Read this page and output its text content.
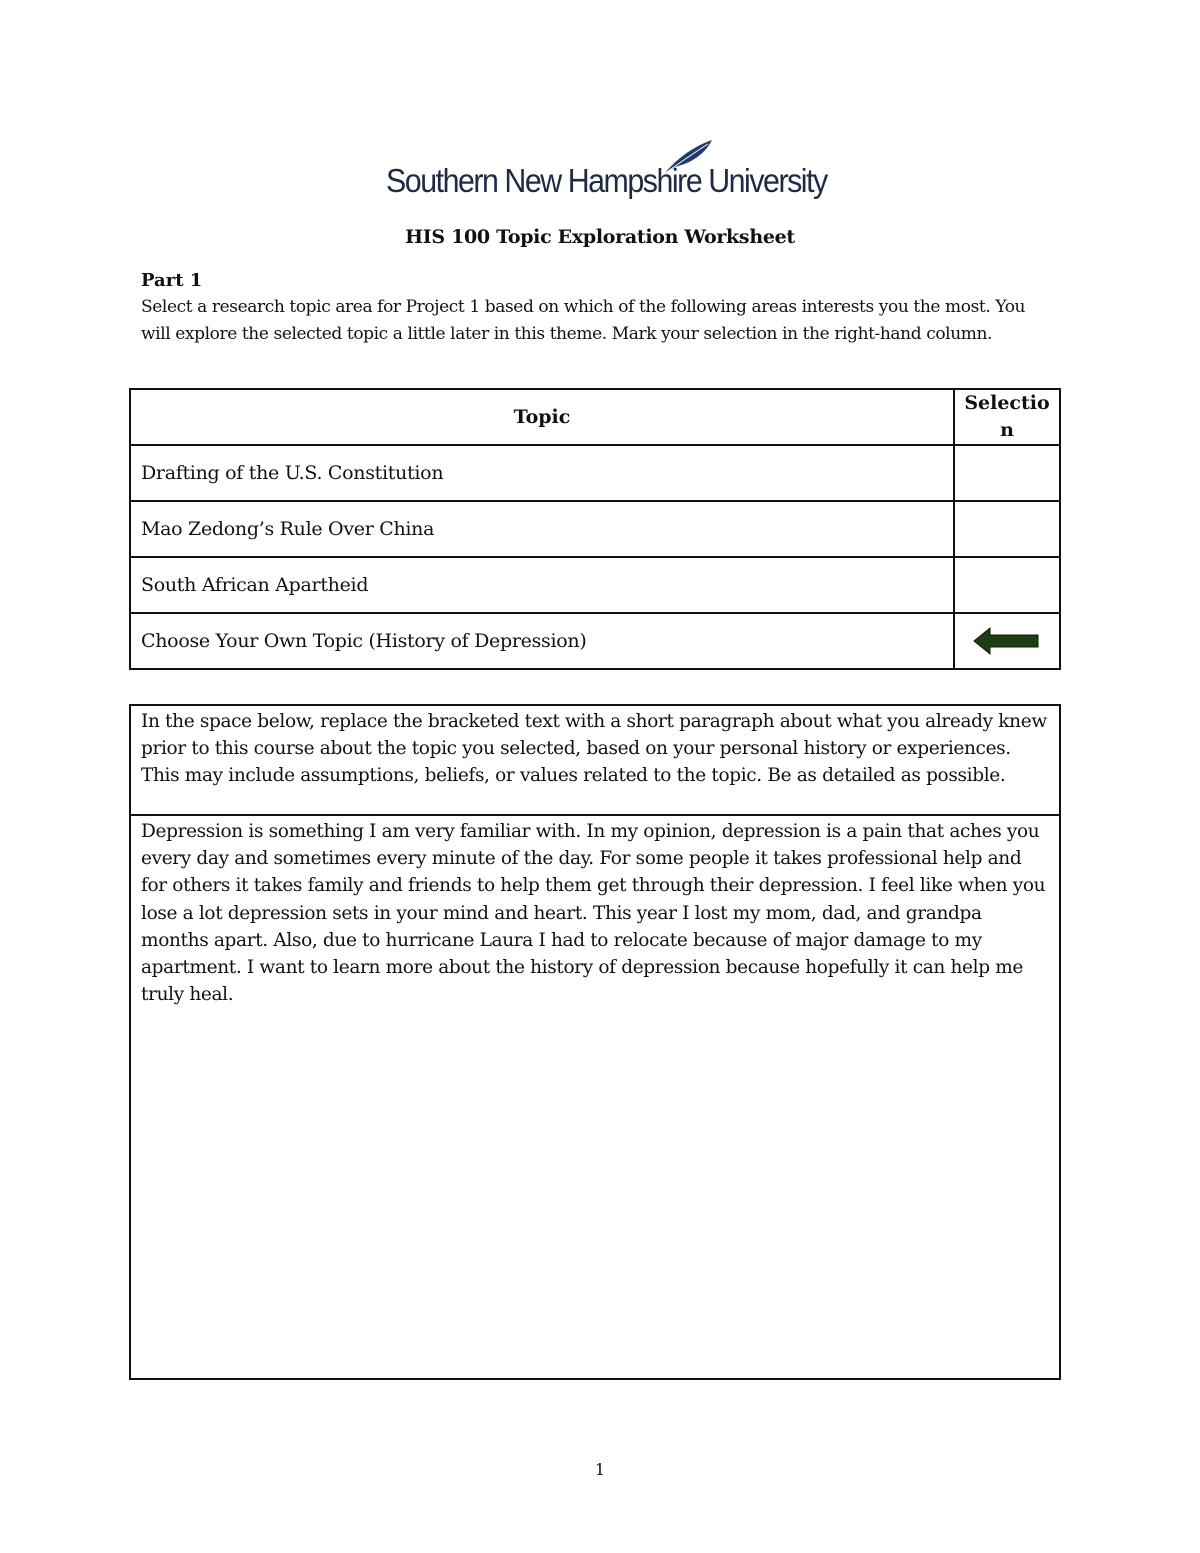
Southern New Hampshire University
HIS 100 Topic Exploration Worksheet
Part 1
Select a research topic area for Project 1 based on which of the following areas interests you the most. You will explore the selected topic a little later in this theme. Mark your selection in the right-hand column.
Topic	Selection
Drafting of the U.S. Constitution	
Mao Zedong’s Rule Over China	
South African Apartheid	
Choose Your Own Topic (History of Depression)	
In the space below, replace the bracketed text with a short paragraph about what you already knew prior to this course about the topic you selected, based on your personal history or experiences. This may include assumptions, beliefs, or values related to the topic. Be as detailed as possible.
Depression is something I am very familiar with. In my opinion, depression is a pain that aches you every day and sometimes every minute of the day. For some people it takes professional help and for others it takes family and friends to help them get through their depression. I feel like when you lose a lot depression sets in your mind and heart. This year I lost my mom, dad, and grandpa months apart. Also, due to hurricane Laura I had to relocate because of major damage to my apartment. I want to learn more about the history of depression because hopefully it can help me truly heal.
1
